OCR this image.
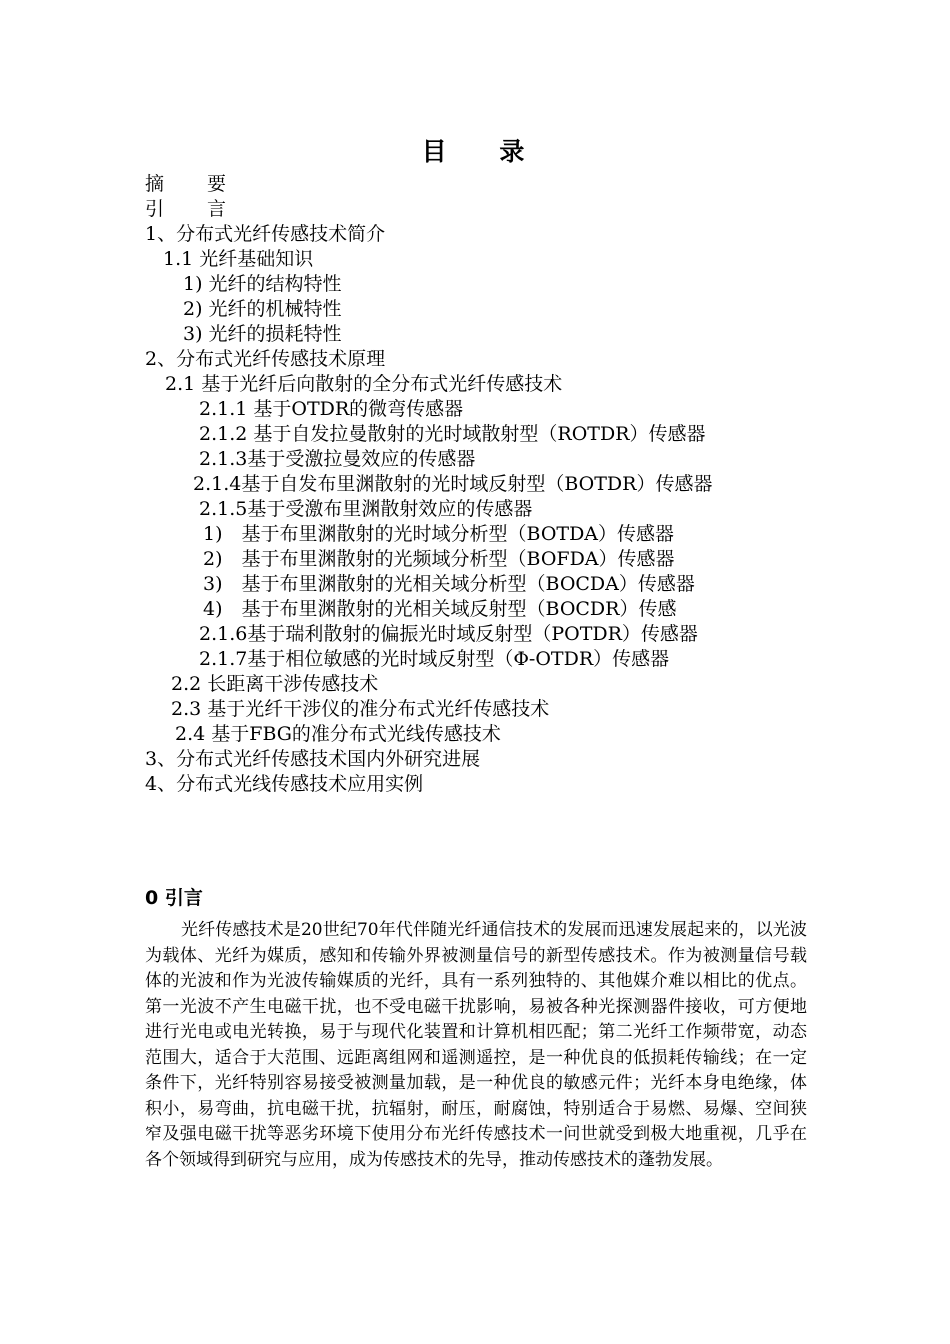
目 录
摘　要
引　言
1、分布式光纤传感技术简介
1.1 光纤基础知识
1) 光纤的结构特性
2) 光纤的机械特性
3) 光纤的损耗特性
2、分布式光纤传感技术原理
2.1 基于光纤后向散射的全分布式光纤传感技术
2.1.1 基于OTDR的微弯传感器
2.1.2 基于自发拉曼散射的光时域散射型（ROTDR）传感器
2.1.3基于受激拉曼效应的传感器
2.1.4基于自发布里渊散射的光时域反射型（BOTDR）传感器
2.1.5基于受激布里渊散射效应的传感器
1)　基于布里渊散射的光时域分析型（BOTDA）传感器
2)　基于布里渊散射的光频域分析型（BOFDA）传感器
3)　基于布里渊散射的光相关域分析型（BOCDA）传感器
4)　基于布里渊散射的光相关域反射型（BOCDR）传感
2.1.6基于瑞利散射的偏振光时域反射型（POTDR）传感器
2.1.7基于相位敏感的光时域反射型（Φ-OTDR）传感器
2.2 长距离干涉传感技术
2.3 基于光纤干涉仪的准分布式光纤传感技术
2.4 基于FBG的准分布式光线传感技术
3、分布式光纤传感技术国内外研究进展
4、分布式光线传感技术应用实例
0 引言
光纤传感技术是20世纪70年代伴随光纤通信技术的发展而迅速发展起来的，以光波为载体、光纤为媒质，感知和传输外界被测量信号的新型传感技术。作为被测量信号载体的光波和作为光波传输媒质的光纤，具有一系列独特的、其他媒介难以相比的优点。第一光波不产生电磁干扰，也不受电磁干扰影响，易被各种光探测器件接收，可方便地进行光电或电光转换，易于与现代化装置和计算机相匹配；第二光纤工作频带宽，动态范围大，适合于大范围、远距离组网和遥测遥控，是一种优良的低损耗传输线；在一定条件下，光纤特别容易接受被测量加载，是一种优良的敏感元件；光纤本身电绝缘，体积小，易弯曲，抗电磁干扰，抗辐射，耐压，耐腐蚀，特别适合于易燃、易爆、空间狭窄及强电磁干扰等恶劣环境下使用分布光纤传感技术一问世就受到极大地重视，几乎在各个领域得到研究与应用，成为传感技术的先导，推动传感技术的蓬勃发展。
